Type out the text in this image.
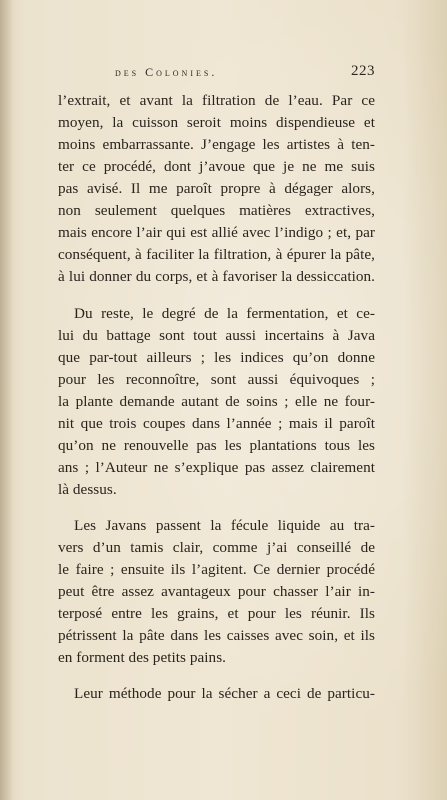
des Colonies.	223
l’extrait, et avant la filtration de l’eau. Par ce
moyen, la cuisson seroit moins dispendieuse et
moins embarrassante. J’engage les artistes à ten-
ter ce procédé, dont j’avoue que je ne me suis
pas avisé. Il me paroît propre à dégager alors,
non seulement quelques matières extractives,
mais encore l’air qui est allié avec l’indigo ; et, par
conséquent, à faciliter la filtration, à épurer la pâte,
à lui donner du corps, et à favoriser la dessiccation.
Du reste, le degré de la fermentation, et ce-
lui du battage sont tout aussi incertains à Java
que par-tout ailleurs ; les indices qu’on donne
pour les reconnoître, sont aussi équivoques ;
la plante demande autant de soins ; elle ne four-
nit que trois coupes dans l’année ; mais il paroît
qu’on ne renouvelle pas les plantations tous les
ans ; l’Auteur ne s’explique pas assez clairement
là dessus.
Les Javans passent la fécule liquide au tra-
vers d’un tamis clair, comme j’ai conseillé de
le faire ; ensuite ils l’agitent. Ce dernier procédé
peut être assez avantageux pour chasser l’air in-
terposé entre les grains, et pour les réunir. Ils
pétrissent la pâte dans les caisses avec soin, et ils
en forment des petits pains.
Leur méthode pour la sécher a ceci de particu-
